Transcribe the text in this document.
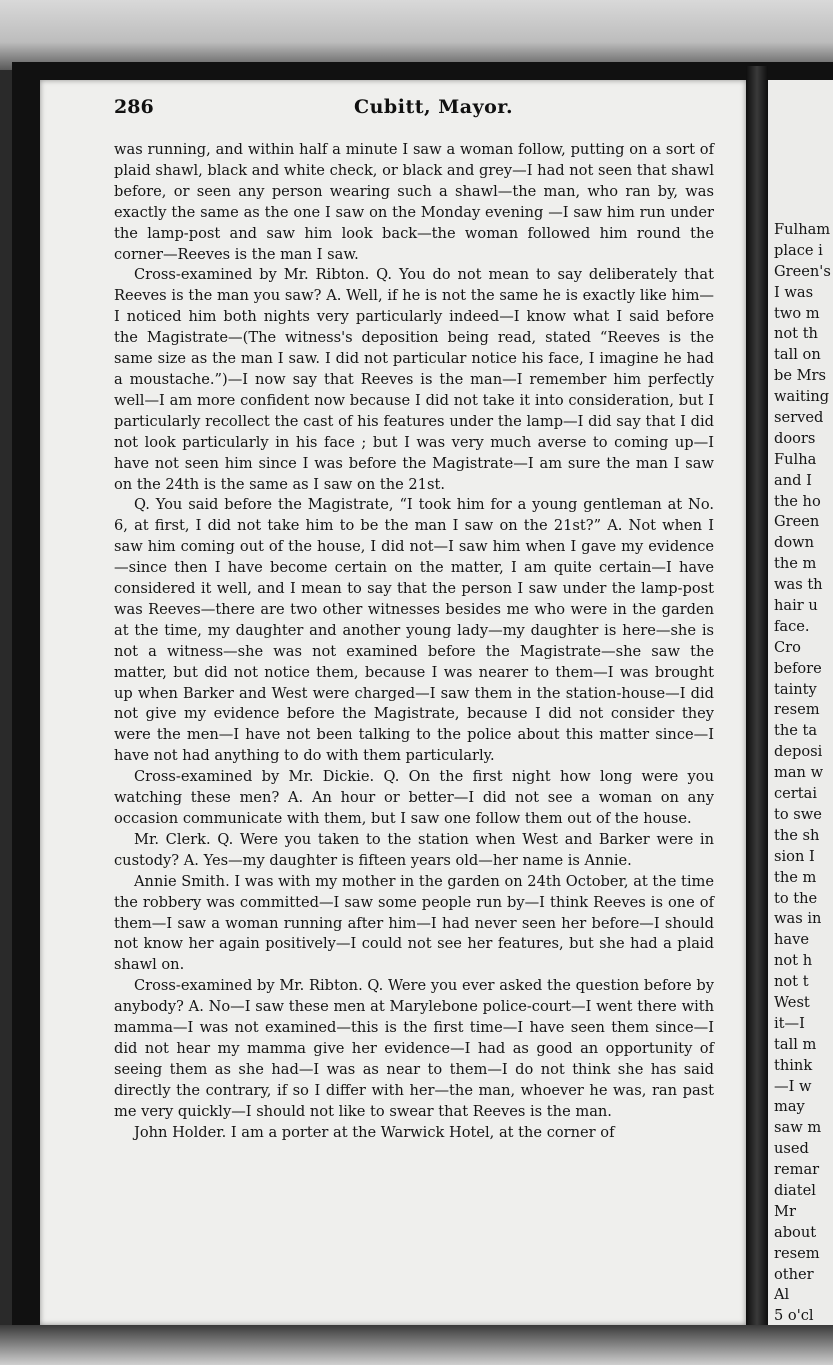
Fulham
place i
Green's
I was
two m
not th
tall on
be Mrs
waiting
served
doors
Fulha
and I
the ho
Green
down
the m
was th
hair u
face.
Cro
before
tainty
resem
the ta
deposi
man w
certai
to swe
the sh
sion I
the m
to the
was in
have
not h
not t
West
it—I
tall m
think
—I w
may
saw m
used
remar
diatel
Mr
about
resem
other
Al
5 o'cl
286	Cubitt, Mayor.

was running, and within half a minute I saw a woman follow, putting on a sort of plaid shawl, black and white check, or black and grey—I had not seen that shawl before, or seen any person wearing such a shawl—the man, who ran by, was exactly the same as the one I saw on the Monday evening —I saw him run under the lamp-post and saw him look back—the woman followed him round the corner—Reeves is the man I saw.

Cross-examined by Mr. Ribton. Q. You do not mean to say deliberately that Reeves is the man you saw? A. Well, if he is not the same he is exactly like him—I noticed him both nights very particularly indeed—I know what I said before the Magistrate—(The witness's deposition being read, stated “Reeves is the same size as the man I saw. I did not particular notice his face, I imagine he had a moustache.”)—I now say that Reeves is the man—I remember him perfectly well—I am more confident now because I did not take it into consideration, but I particularly recollect the cast of his features under the lamp—I did say that I did not look particularly in his face ; but I was very much averse to coming up—I have not seen him since I was before the Magistrate—I am sure the man I saw on the 24th is the same as I saw on the 21st.

Q. You said before the Magistrate, “I took him for a young gentleman at No. 6, at first, I did not take him to be the man I saw on the 21st?” A. Not when I saw him coming out of the house, I did not—I saw him when I gave my evidence—since then I have become certain on the matter, I am quite certain—I have considered it well, and I mean to say that the person I saw under the lamp-post was Reeves—there are two other witnesses besides me who were in the garden at the time, my daughter and another young lady—my daughter is here—she is not a witness—she was not examined before the Magistrate—she saw the matter, but did not notice them, because I was nearer to them—I was brought up when Barker and West were charged—I saw them in the station-house—I did not give my evidence before the Magistrate, because I did not consider they were the men—I have not been talking to the police about this matter since—I have not had anything to do with them particularly.

Cross-examined by Mr. Dickie. Q. On the first night how long were you watching these men? A. An hour or better—I did not see a woman on any occasion communicate with them, but I saw one follow them out of the house.

Mr. Clerk. Q. Were you taken to the station when West and Barker were in custody? A. Yes—my daughter is fifteen years old—her name is Annie.

Annie Smith. I was with my mother in the garden on 24th October, at the time the robbery was committed—I saw some people run by—I think Reeves is one of them—I saw a woman running after him—I had never seen her before—I should not know her again positively—I could not see her features, but she had a plaid shawl on.

Cross-examined by Mr. Ribton. Q. Were you ever asked the question before by anybody? A. No—I saw these men at Marylebone police-court—I went there with mamma—I was not examined—this is the first time—I have seen them since—I did not hear my mamma give her evidence—I had as good an opportunity of seeing them as she had—I was as near to them—I do not think she has said directly the contrary, if so I differ with her—the man, whoever he was, ran past me very quickly—I should not like to swear that Reeves is the man.

John Holder. I am a porter at the Warwick Hotel, at the corner of
